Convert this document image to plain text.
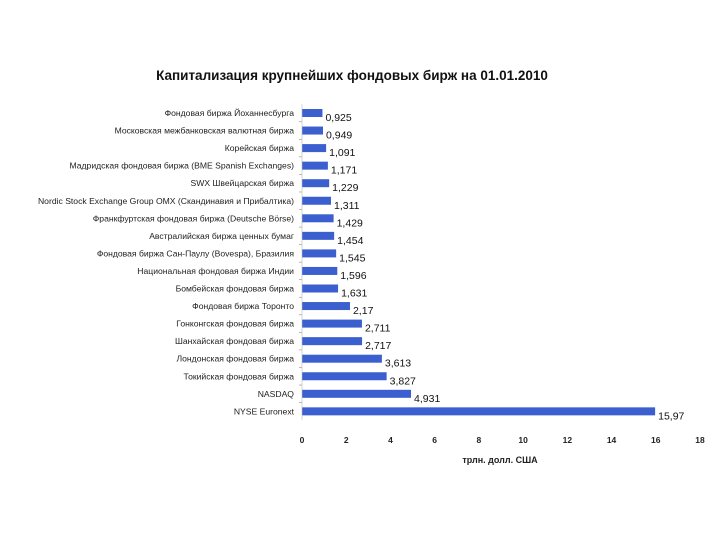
Капитализация крупнейших фондовых бирж на 01.01.2010
Фондовая биржа Йоханнесбурга
Московская межбанковская валютная биржа
Корейская биржа
Мадридская фондовая биржа (BME Spanish Exchanges)
SWX Швейцарская биржа
Nordic Stock Exchange Group OMX (Скандинавия и Прибалтика)
Франкфуртская фондовая биржа (Deutsche Börse)
Австралийская биржа ценных бумаг
Фондовая биржа Сан-Паулу (Bovespa), Бразилия
Национальная фондовая биржа Индии
Бомбейская фондовая биржа
Фондовая биржа Торонто
Гонконгская фондовая биржа
Шанхайская фондовая биржа
Лондонская фондовая биржа
Токийская фондовая биржа
NASDAQ
NYSE Euronext
0,925
0,949
1,091
1,171
1,229
1,311
1,429
1,454
1,545
1,596
1,631
2,17
2,711
2,717
3,613
3,827
4,931
15,97
0	2	4	6	8	10	12	14	16	18
трлн. долл. США
